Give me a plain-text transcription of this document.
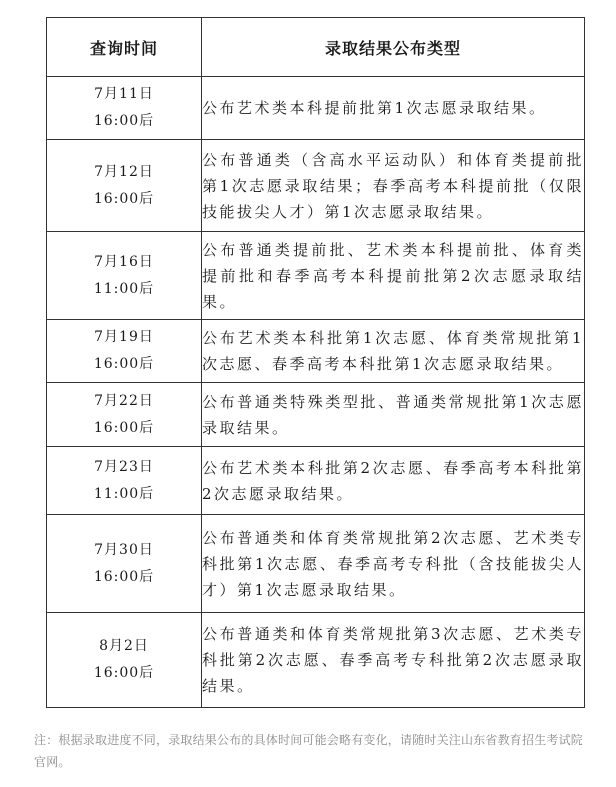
查询时间	录取结果公布类型

7月11日
16:00后	公布艺术类本科提前批第1次志愿录取结果。

7月12日
16:00后	公布普通类（含高水平运动队）和体育类提前批第1次志愿录取结果；春季高考本科提前批（仅限技能拔尖人才）第1次志愿录取结果。

7月16日
11:00后	公布普通类提前批、艺术类本科提前批、体育类提前批和春季高考本科提前批第2次志愿录取结果。

7月19日
16:00后	公布艺术类本科批第1次志愿、体育类常规批第1次志愿、春季高考本科批第1次志愿录取结果。

7月22日
16:00后	公布普通类特殊类型批、普通类常规批第1次志愿录取结果。

7月23日
11:00后	公布艺术类本科批第2次志愿、春季高考本科批第2次志愿录取结果。

7月30日
16:00后	公布普通类和体育类常规批第2次志愿、艺术类专科批第1次志愿、春季高考专科批（含技能拔尖人才）第1次志愿录取结果。

8月2日
16:00后	公布普通类和体育类常规批第3次志愿、艺术类专科批第2次志愿、春季高考专科批第2次志愿录取结果。
注：根据录取进度不同，录取结果公布的具体时间可能会略有变化，请随时关注山东省教育招生考试院官网。
